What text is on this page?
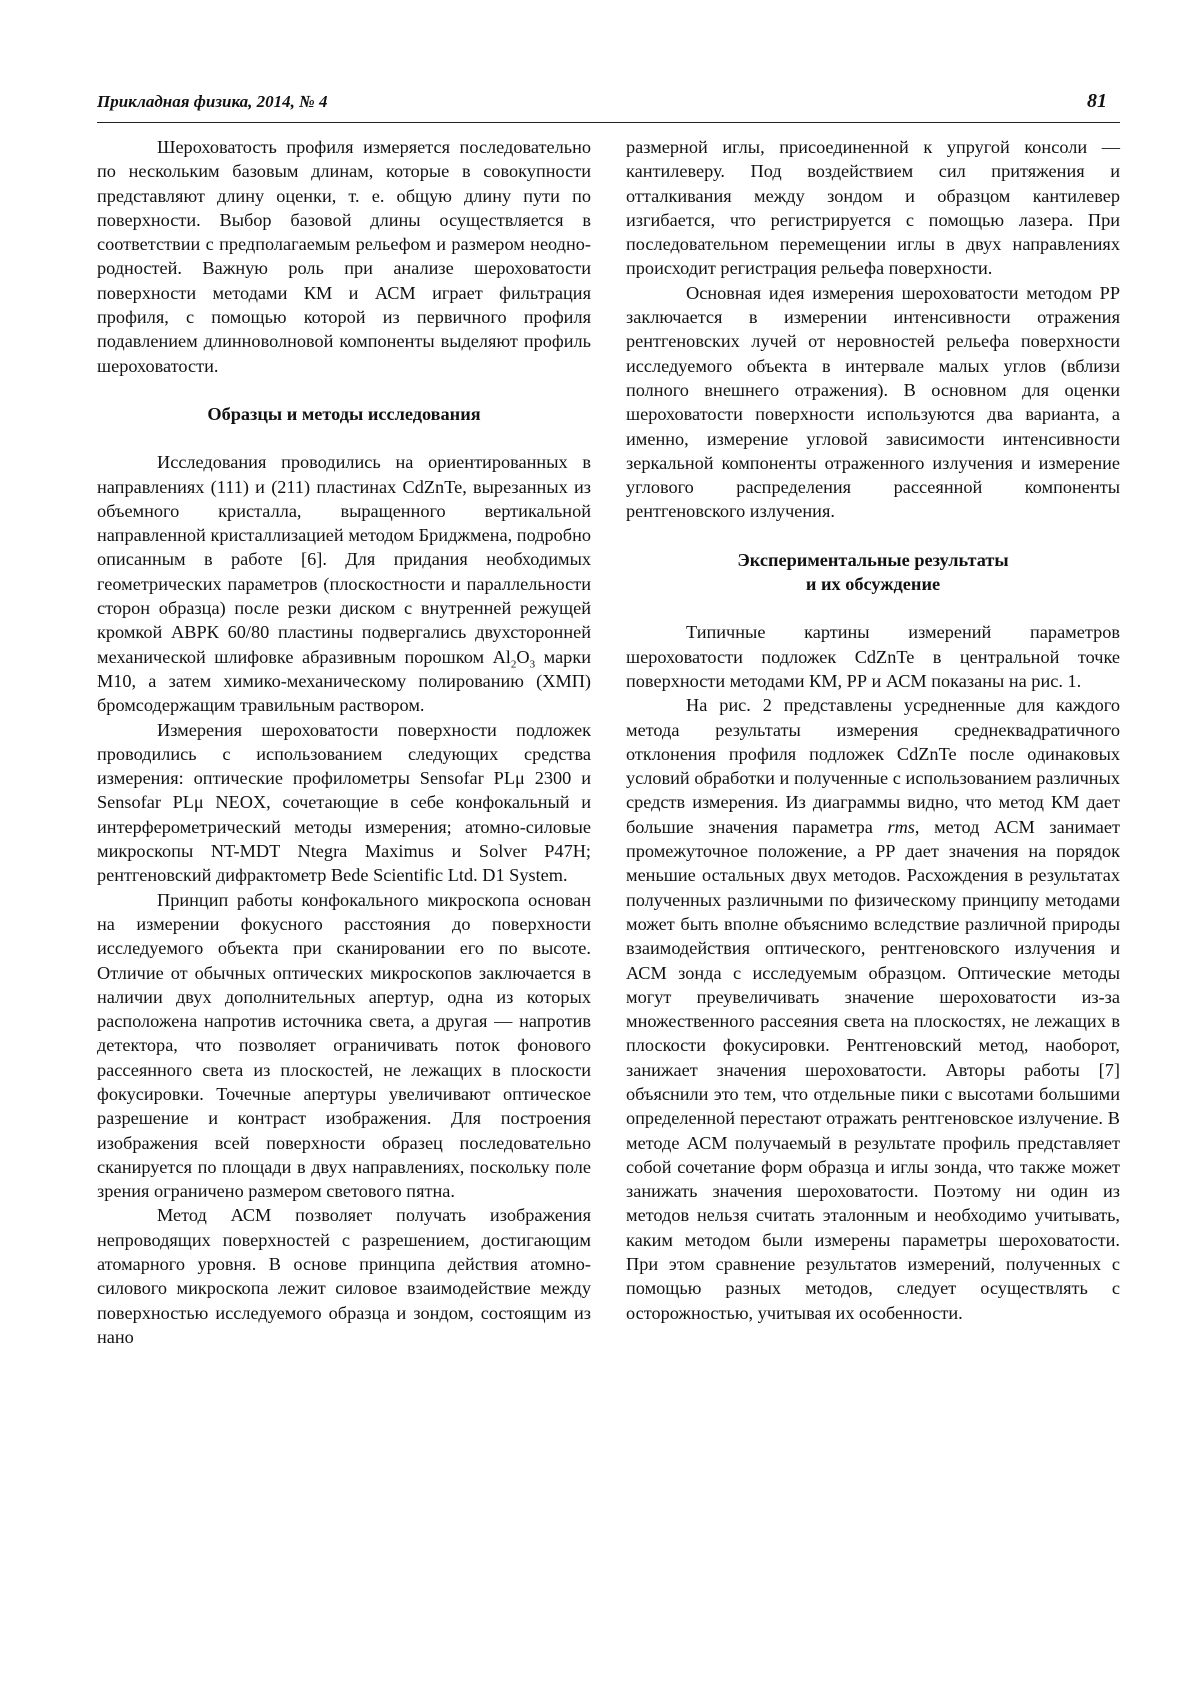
Прикладная физика, 2014, № 4	81

Шероховатость профиля измеряется последовательно по нескольким базовым длинам, которые в совокупности представляют длину оценки, т. е. общую длину пути по поверхности. Выбор базовой длины осуществляется в соответствии с предполагаемым рельефом и размером неоднородностей. Важную роль при анализе шероховатости поверхности методами КМ и АСМ играет фильтрация профиля, с помощью которой из первичного профиля подавлением длинноволновой компоненты выделяют профиль шероховатости.

Образцы и методы исследования

Исследования проводились на ориентированных в направлениях (111) и (211) пластинах CdZnTe, вырезанных из объемного кристалла, выращенного вертикальной направленной кристаллизацией методом Бриджмена, подробно описанным в работе [6]. Для придания необходимых геометрических параметров (плоскостности и параллельности сторон образца) после резки диском с внутренней режущей кромкой АВРК 60/80 пластины подвергались двухсторонней механической шлифовке абразивным порошком $Al_2O_3$ марки М10, а затем химико-механическому полированию (ХМП) бромсодержащим травильным раствором.

Измерения шероховатости поверхности подложек проводились с использованием следующих средства измерения: оптические профилометры Sensofar PLμ 2300 и Sensofar PLμ NEOX, сочетающие в себе конфокальный и интерферометрический методы измерения; атомно-силовые микроскопы NT-MDT Ntegra Maximus и Solver P47H; рентгеновский дифрактометр Bede Scientific Ltd. D1 System.

Принцип работы конфокального микроскопа основан на измерении фокусного расстояния до поверхности исследуемого объекта при сканировании его по высоте. Отличие от обычных оптических микроскопов заключается в наличии двух дополнительных апертур, одна из которых расположена напротив источника света, а другая — напротив детектора, что позволяет ограничивать поток фонового рассеянного света из плоскостей, не лежащих в плоскости фокусировки. Точечные апертуры увеличивают оптическое разрешение и контраст изображения. Для построения изображения всей поверхности образец последовательно сканируется по площади в двух направлениях, поскольку поле зрения ограничено размером светового пятна.

Метод АСМ позволяет получать изображения непроводящих поверхностей с разрешением, достигающим атомарного уровня. В основе принципа действия атомно-силового микроскопа лежит силовое взаимодействие между поверхностью исследуемого образца и зондом, состоящим из нано

размерной иглы, присоединенной к упругой консоли — кантилеверу. Под воздействием сил притяжения и отталкивания между зондом и образцом кантилевер изгибается, что регистрируется с помощью лазера. При последовательном перемещении иглы в двух направлениях происходит регистрация рельефа поверхности.

Основная идея измерения шероховатости методом РР заключается в измерении интенсивности отражения рентгеновских лучей от неровностей рельефа поверхности исследуемого объекта в интервале малых углов (вблизи полного внешнего отражения). В основном для оценки шероховатости поверхности используются два варианта, а именно, измерение угловой зависимости интенсивности зеркальной компоненты отраженного излучения и измерение углового распределения рассеянной компоненты рентгеновского излучения.

Экспериментальные результаты
и их обсуждение

Типичные картины измерений параметров шероховатости подложек CdZnTe в центральной точке поверхности методами КМ, РР и АСМ показаны на рис. 1.

На рис. 2 представлены усредненные для каждого метода результаты измерения среднеквадратичного отклонения профиля подложек CdZnTe после одинаковых условий обработки и полученные с использованием различных средств измерения. Из диаграммы видно, что метод КМ дает большие значения параметра rms, метод АСМ занимает промежуточное положение, а РР дает значения на порядок меньшие остальных двух методов. Расхождения в результатах полученных различными по физическому принципу методами может быть вполне объяснимо вследствие различной природы взаимодействия оптического, рентгеновского излучения и АСМ зонда с исследуемым образцом. Оптические методы могут преувеличивать значение шероховатости из-за множественного рассеяния света на плоскостях, не лежащих в плоскости фокусировки. Рентгеновский метод, наоборот, занижает значения шероховатости. Авторы работы [7] объяснили это тем, что отдельные пики с высотами большими определенной перестают отражать рентгеновское излучение. В методе АСМ получаемый в результате профиль представляет собой сочетание форм образца и иглы зонда, что также может занижать значения шероховатости. Поэтому ни один из методов нельзя считать эталонным и необходимо учитывать, каким методом были измерены параметры шероховатости. При этом сравнение результатов измерений, полученных с помощью разных методов, следует осуществлять с осторожностью, учитывая их особенности.
